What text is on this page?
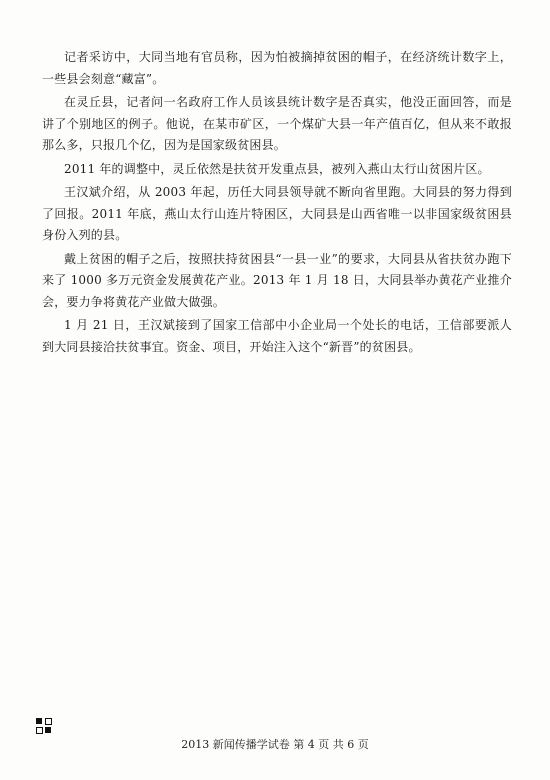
记者采访中，大同当地有官员称，因为怕被摘掉贫困的帽子，在经济统计数字上，一些县会刻意“藏富”。

在灵丘县，记者问一名政府工作人员该县统计数字是否真实，他没正面回答，而是讲了个别地区的例子。他说，在某市矿区，一个煤矿大县一年产值百亿，但从来不敢报那么多，只报几个亿，因为是国家级贫困县。

2011 年的调整中，灵丘依然是扶贫开发重点县，被列入燕山太行山贫困片区。

王汉斌介绍，从 2003 年起，历任大同县领导就不断向省里跑。大同县的努力得到了回报。2011 年底，燕山太行山连片特困区，大同县是山西省唯一以非国家级贫困县身份入列的县。

戴上贫困的帽子之后，按照扶持贫困县“一县一业”的要求，大同县从省扶贫办跑下来了 1000 多万元资金发展黄花产业。2013 年 1 月 18 日，大同县举办黄花产业推介会，要力争将黄花产业做大做强。

1 月 21 日，王汉斌接到了国家工信部中小企业局一个处长的电话，工信部要派人到大同县接洽扶贫事宜。资金、项目，开始注入这个“新晋”的贫困县。

2013 新闻传播学试卷 第 4 页 共 6 页
